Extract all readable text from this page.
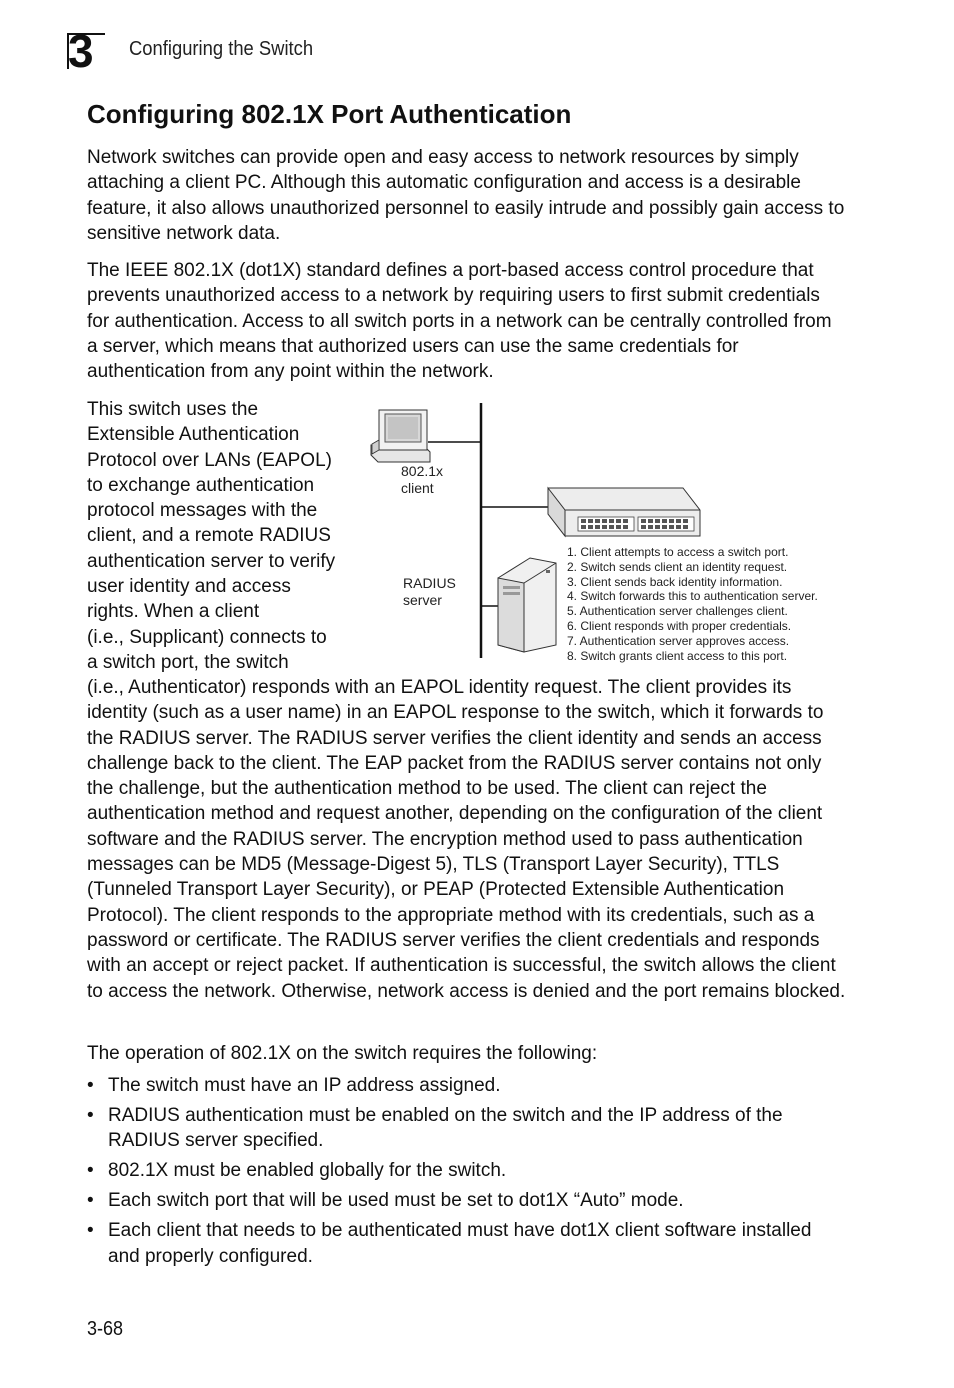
3 Configuring the Switch
Configuring 802.1X Port Authentication

Network switches can provide open and easy access to network resources by simply attaching a client PC. Although this automatic configuration and access is a desirable feature, it also allows unauthorized personnel to easily intrude and possibly gain access to sensitive network data.

The IEEE 802.1X (dot1X) standard defines a port-based access control procedure that prevents unauthorized access to a network by requiring users to first submit credentials for authentication. Access to all switch ports in a network can be centrally controlled from a server, which means that authorized users can use the same credentials for authentication from any point within the network.

This switch uses the
Extensible Authentication
Protocol over LANs (EAPOL)
to exchange authentication
protocol messages with the
client, and a remote RADIUS
authentication server to verify
user identity and access
rights. When a client
(i.e., Supplicant) connects to
a switch port, the switch
802.1x
client
RADIUS
server
1. Client attempts to access a switch port.
2. Switch sends client an identity request.
3. Client sends back identity information.
4. Switch forwards this to authentication server.
5. Authentication server challenges client.
6. Client responds with proper credentials.
7. Authentication server approves access.
8. Switch grants client access to this port.

(i.e., Authenticator) responds with an EAPOL identity request. The client provides its identity (such as a user name) in an EAPOL response to the switch, which it forwards to the RADIUS server. The RADIUS server verifies the client identity and sends an access challenge back to the client. The EAP packet from the RADIUS server contains not only the challenge, but the authentication method to be used. The client can reject the authentication method and request another, depending on the configuration of the client software and the RADIUS server. The encryption method used to pass authentication messages can be MD5 (Message-Digest 5), TLS (Transport Layer Security), TTLS (Tunneled Transport Layer Security), or PEAP (Protected Extensible Authentication Protocol). The client responds to the appropriate method with its credentials, such as a password or certificate. The RADIUS server verifies the client credentials and responds with an accept or reject packet. If authentication is successful, the switch allows the client to access the network. Otherwise, network access is denied and the port remains blocked.

The operation of 802.1X on the switch requires the following:

• The switch must have an IP address assigned.
• RADIUS authentication must be enabled on the switch and the IP address of the RADIUS server specified.
• 802.1X must be enabled globally for the switch.
• Each switch port that will be used must be set to dot1X “Auto” mode.
• Each client that needs to be authenticated must have dot1X client software installed and properly configured.
3-68
